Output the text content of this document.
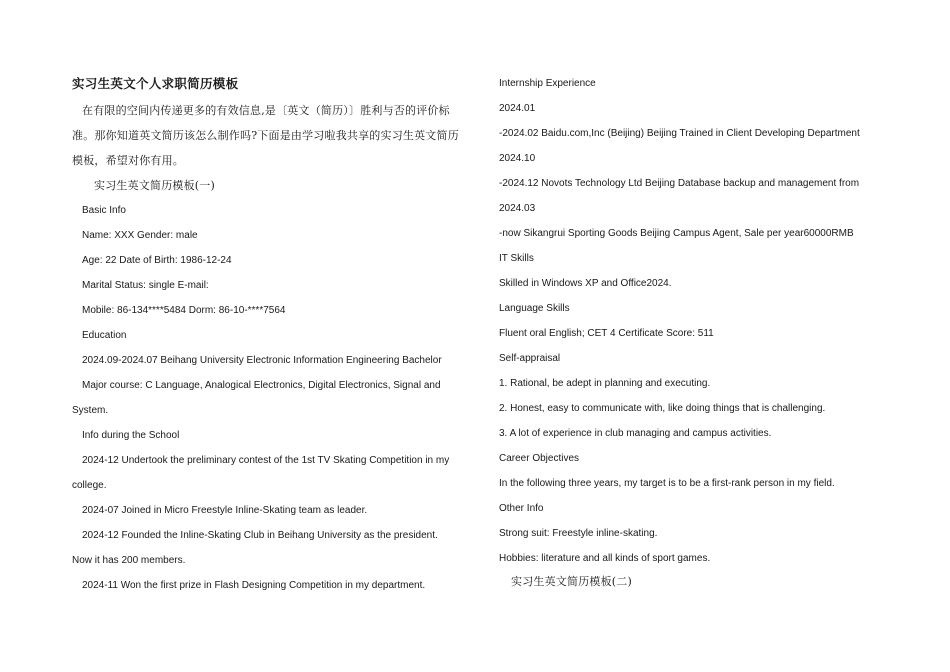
实习生英文个人求职简历模板
在有限的空间内传递更多的有效信息,是〔英文（简历）〕胜利与否的评价标
准。那你知道英文简历该怎么制作吗?下面是由学习啦我共享的实习生英文简历
模板，希望对你有用。
实习生英文简历模板(一)
Basic Info
Name: XXX Gender: male
Age: 22 Date of Birth: 1986-12-24
Marital Status: single E-mail:
Mobile: 86-134****5484 Dorm: 86-10-****7564
Education
2024.09-2024.07 Beihang University Electronic Information Engineering Bachelor
Major course: C Language, Analogical Electronics, Digital Electronics, Signal and
System.
Info during the School
2024-12 Undertook the preliminary contest of the 1st TV Skating Competition in my
college.
2024-07 Joined in Micro Freestyle Inline-Skating team as leader.
2024-12 Founded the Inline-Skating Club in Beihang University as the president.
Now it has 200 members.
2024-11 Won the first prize in Flash Designing Competition in my department.
Internship Experience
2024.01
-2024.02 Baidu.com,Inc (Beijing) Beijing Trained in Client Developing Department
2024.10
-2024.12 Novots Technology Ltd Beijing Database backup and management from
2024.03
-now Sikangrui Sporting Goods Beijing Campus Agent, Sale per year60000RMB
IT Skills
Skilled in Windows XP and Office2024.
Language Skills
Fluent oral English; CET 4 Certificate Score: 511
Self-appraisal
1. Rational, be adept in planning and executing.
2. Honest, easy to communicate with, like doing things that is challenging.
3. A lot of experience in club managing and campus activities.
Career Objectives
In the following three years, my target is to be a first-rank person in my field.
Other Info
Strong suit: Freestyle inline-skating.
Hobbies: literature and all kinds of sport games.
实习生英文简历模板(二)
